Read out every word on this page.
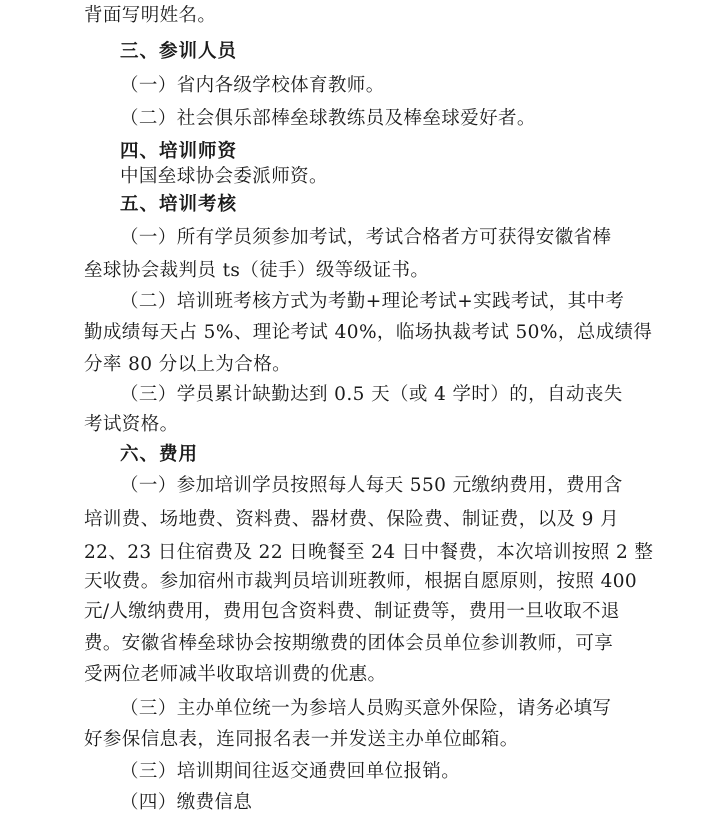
背面写明姓名。
三、参训人员
（一）省内各级学校体育教师。
（二）社会俱乐部棒垒球教练员及棒垒球爱好者。
四、培训师资
中国垒球协会委派师资。
五、培训考核
（一）所有学员须参加考试，考试合格者方可获得安徽省棒
垒球协会裁判员 ts（徒手）级等级证书。
（二）培训班考核方式为考勤+理论考试+实践考试，其中考
勤成绩每天占 5%、理论考试 40%，临场执裁考试 50%，总成绩得
分率 80 分以上为合格。
（三）学员累计缺勤达到 0.5 天（或 4 学时）的，自动丧失
考试资格。
六、费用
（一）参加培训学员按照每人每天 550 元缴纳费用，费用含
培训费、场地费、资料费、器材费、保险费、制证费，以及 9 月
22、23 日住宿费及 22 日晚餐至 24 日中餐费，本次培训按照 2 整
天收费。参加宿州市裁判员培训班教师，根据自愿原则，按照 400
元/人缴纳费用，费用包含资料费、制证费等，费用一旦收取不退
费。安徽省棒垒球协会按期缴费的团体会员单位参训教师，可享
受两位老师减半收取培训费的优惠。
（三）主办单位统一为参培人员购买意外保险，请务必填写
好参保信息表，连同报名表一并发送主办单位邮箱。
（三）培训期间往返交通费回单位报销。
（四）缴费信息
